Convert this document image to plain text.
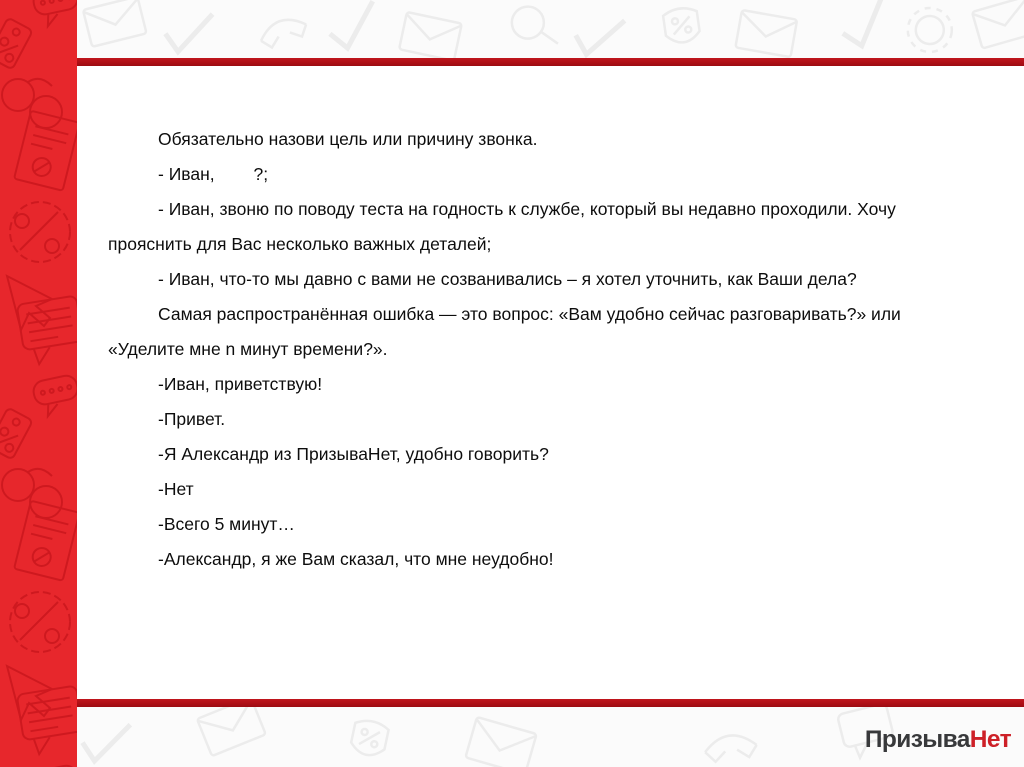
Обязательно назови цель или причину звонка.

- Иван,        ?;

- Иван, звоню по поводу теста на годность к службе, который вы недавно проходили. Хочу прояснить для Вас несколько важных деталей;

- Иван, что-то мы давно с вами не созванивались – я хотел уточнить, как Ваши дела?

Самая распространённая ошибка — это вопрос: «Вам удобно сейчас разговаривать?» или «Уделите мне n минут времени?».

-Иван, приветствую!

-Привет.

-Я Александр из ПризываНет, удобно говорить?

-Нет

-Всего 5 минут…

-Александр, я же Вам сказал, что мне неудобно!

ПризываНет
